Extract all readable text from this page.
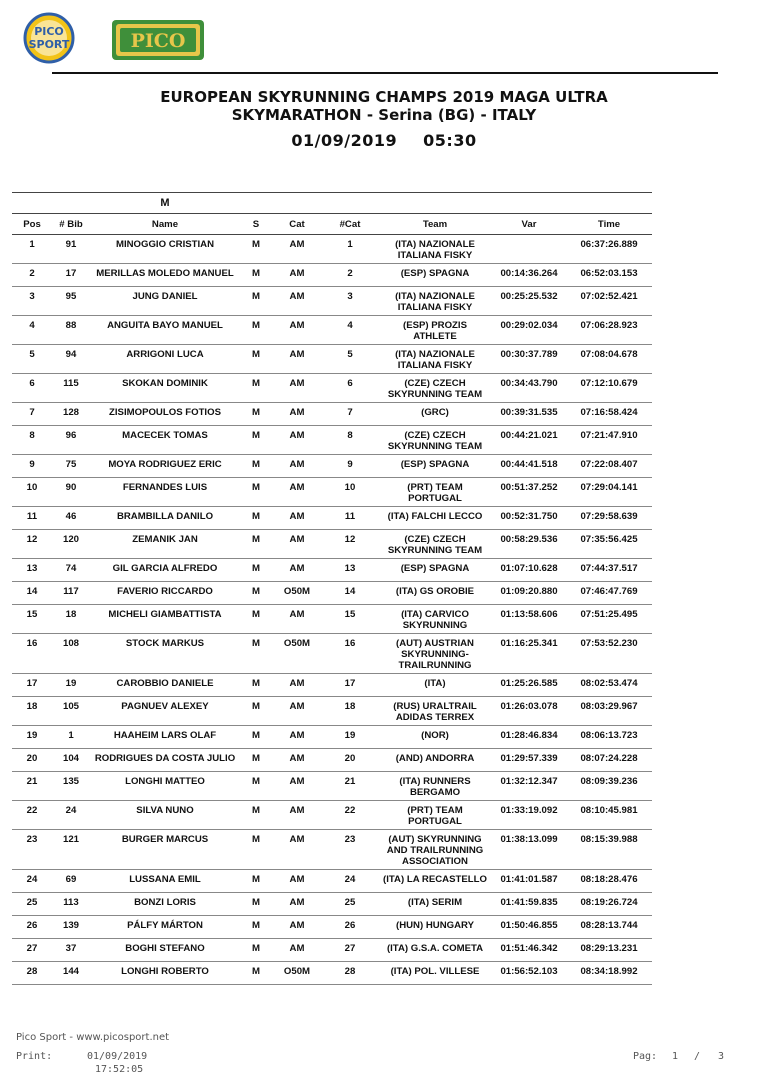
PICO
SPORT	PICO
EUROPEAN SKYRUNNING CHAMPS 2019 MAGA ULTRA
SKYMARATHON - Serina (BG) - ITALY
01/09/2019 05:30
		M						
Pos	# Bib	Name	S	Cat	#Cat	Team	Var	Time
1	91	MINOGGIO CRISTIAN	M	AM	1	(ITA) NAZIONALE
ITALIANA FISKY		06:37:26.889
2	17	MERILLAS MOLEDO MANUEL	M	AM	2	(ESP) SPAGNA	00:14:36.264	06:52:03.153
3	95	JUNG DANIEL	M	AM	3	(ITA) NAZIONALE
ITALIANA FISKY	00:25:25.532	07:02:52.421
4	88	ANGUITA BAYO MANUEL	M	AM	4	(ESP) PROZIS
ATHLETE	00:29:02.034	07:06:28.923
5	94	ARRIGONI LUCA	M	AM	5	(ITA) NAZIONALE
ITALIANA FISKY	00:30:37.789	07:08:04.678
6	115	SKOKAN DOMINIK	M	AM	6	(CZE) CZECH
SKYRUNNING TEAM	00:34:43.790	07:12:10.679
7	128	ZISIMOPOULOS FOTIOS	M	AM	7	(GRC)	00:39:31.535	07:16:58.424
8	96	MACECEK TOMAS	M	AM	8	(CZE) CZECH
SKYRUNNING TEAM	00:44:21.021	07:21:47.910
9	75	MOYA RODRIGUEZ ERIC	M	AM	9	(ESP) SPAGNA	00:44:41.518	07:22:08.407
10	90	FERNANDES LUIS	M	AM	10	(PRT) TEAM
PORTUGAL	00:51:37.252	07:29:04.141
11	46	BRAMBILLA DANILO	M	AM	11	(ITA) FALCHI LECCO	00:52:31.750	07:29:58.639
12	120	ZEMANIK JAN	M	AM	12	(CZE) CZECH
SKYRUNNING TEAM	00:58:29.536	07:35:56.425
13	74	GIL GARCIA ALFREDO	M	AM	13	(ESP) SPAGNA	01:07:10.628	07:44:37.517
14	117	FAVERIO RICCARDO	M	O50M	14	(ITA) GS OROBIE	01:09:20.880	07:46:47.769
15	18	MICHELI GIAMBATTISTA	M	AM	15	(ITA) CARVICO
SKYRUNNING	01:13:58.606	07:51:25.495
16	108	STOCK MARKUS	M	O50M	16	(AUT) AUSTRIAN
SKYRUNNING-
TRAILRUNNING	01:16:25.341	07:53:52.230
17	19	CAROBBIO DANIELE	M	AM	17	(ITA)	01:25:26.585	08:02:53.474
18	105	PAGNUEV ALEXEY	M	AM	18	(RUS) URALTRAIL
ADIDAS TERREX	01:26:03.078	08:03:29.967
19	1	HAAHEIM LARS OLAF	M	AM	19	(NOR)	01:28:46.834	08:06:13.723
20	104	RODRIGUES DA COSTA JULIO	M	AM	20	(AND) ANDORRA	01:29:57.339	08:07:24.228
21	135	LONGHI MATTEO	M	AM	21	(ITA) RUNNERS
BERGAMO	01:32:12.347	08:09:39.236
22	24	SILVA NUNO	M	AM	22	(PRT) TEAM
PORTUGAL	01:33:19.092	08:10:45.981
23	121	BURGER MARCUS	M	AM	23	(AUT) SKYRUNNING
AND TRAILRUNNING
ASSOCIATION	01:38:13.099	08:15:39.988
24	69	LUSSANA EMIL	M	AM	24	(ITA) LA RECASTELLO	01:41:01.587	08:18:28.476
25	113	BONZI LORIS	M	AM	25	(ITA) SERIM	01:41:59.835	08:19:26.724
26	139	PÁLFY MÁRTON	M	AM	26	(HUN) HUNGARY	01:50:46.855	08:28:13.744
27	37	BOGHI STEFANO	M	AM	27	(ITA) G.S.A. COMETA	01:51:46.342	08:29:13.231
28	144	LONGHI ROBERTO	M	O50M	28	(ITA) POL. VILLESE	01:56:52.103	08:34:18.992
Pico Sport - www.picosport.net
Print:	01/09/2019
17:52:05
Pag: 1 / 3
